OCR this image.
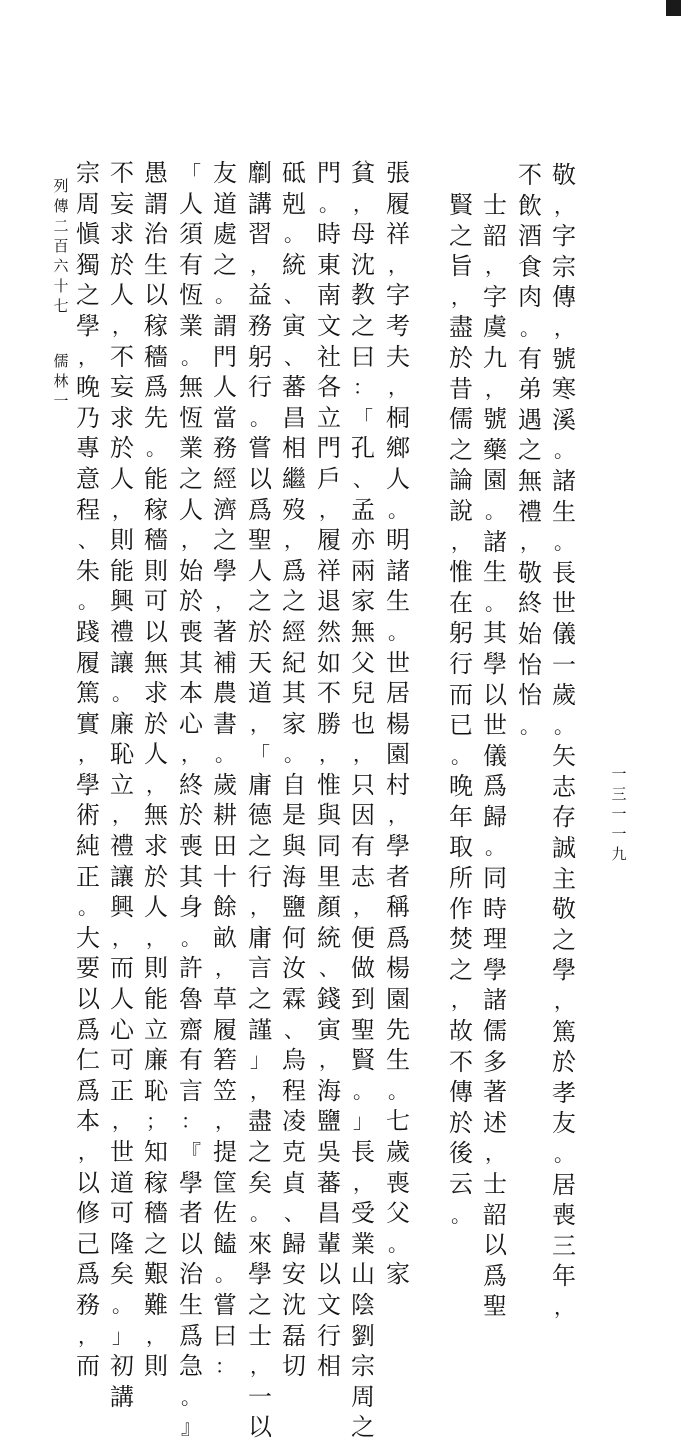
列
傳
二
百
六
十
七
儒
林
一
一
三
一
一
九
敬
，
字
宗
傳
，
號
寒
溪
。
諸
生
。
長
世
儀
一
歲
。
矢
志
存
誠
主
敬
之
學
，
篤
於
孝
友
。
居
喪
三
年
，
不
飲
酒
食
肉
。
有
弟
遇
之
無
禮
，
敬
終
始
怡
怡
。
士
韶
，
字
虞
九
，
號
藥
園
。
諸
生
。
其
學
以
世
儀
爲
歸
。
同
時
理
學
諸
儒
多
著
述
，
士
韶
以
爲
聖
賢
之
旨
，
盡
於
昔
儒
之
論
說
，
惟
在
躬
行
而
已
。
晚
年
取
所
作
焚
之
，
故
不
傳
於
後
云
。
張
履
祥
，
字
考
夫
，
桐
鄉
人
。
明
諸
生
。
世
居
楊
園
村
，
學
者
稱
爲
楊
園
先
生
。
七
歲
喪
父
。
家
貧
，
母
沈
教
之
曰
：
「
孔
、
孟
亦
兩
家
無
父
兒
也
，
只
因
有
志
，
便
做
到
聖
賢
。
」
長
，
受
業
山
陰
劉
宗
周
之
門
。
時
東
南
文
社
各
立
門
戶
，
履
祥
退
然
如
不
勝
，
惟
與
同
里
顏
統
、
錢
寅
，
海
鹽
吳
蕃
昌
輩
以
文
行
相
砥
剋
。
統
、
寅
、
蕃
昌
相
繼
歿
，
爲
之
經
紀
其
家
。
自
是
與
海
鹽
何
汝
霖
、
烏
程
凌
克
貞
、
歸
安
沈
磊
切
劘
講
習
，
益
務
躬
行
。
嘗
以
爲
聖
人
之
於
天
道
，
「
庸
德
之
行
，
庸
言
之
謹
」
，
盡
之
矣
。
來
學
之
士
，
一
以
友
道
處
之
。
謂
門
人
當
務
經
濟
之
學
，
著
補
農
書
。
歲
耕
田
十
餘
畝
，
草
履
箬
笠
，
提
筐
佐
饁
。
嘗
曰
：
「
人
須
有
恆
業
。
無
恆
業
之
人
，
始
於
喪
其
本
心
，
終
於
喪
其
身
。
許
魯
齋
有
言
：
『
學
者
以
治
生
爲
急
。
』
愚
謂
治
生
以
稼
穡
爲
先
。
能
稼
穡
則
可
以
無
求
於
人
，
無
求
於
人
，
則
能
立
廉
恥
；
知
稼
穡
之
艱
難
，
則
不
妄
求
於
人
，
不
妄
求
於
人
，
則
能
興
禮
讓
。
廉
恥
立
，
禮
讓
興
，
而
人
心
可
正
，
世
道
可
隆
矣
。
」
初
講
宗
周
愼
獨
之
學
，
晚
乃
專
意
程
、
朱
。
踐
履
篤
實
，
學
術
純
正
。
大
要
以
爲
仁
爲
本
，
以
修
己
爲
務
，
而
